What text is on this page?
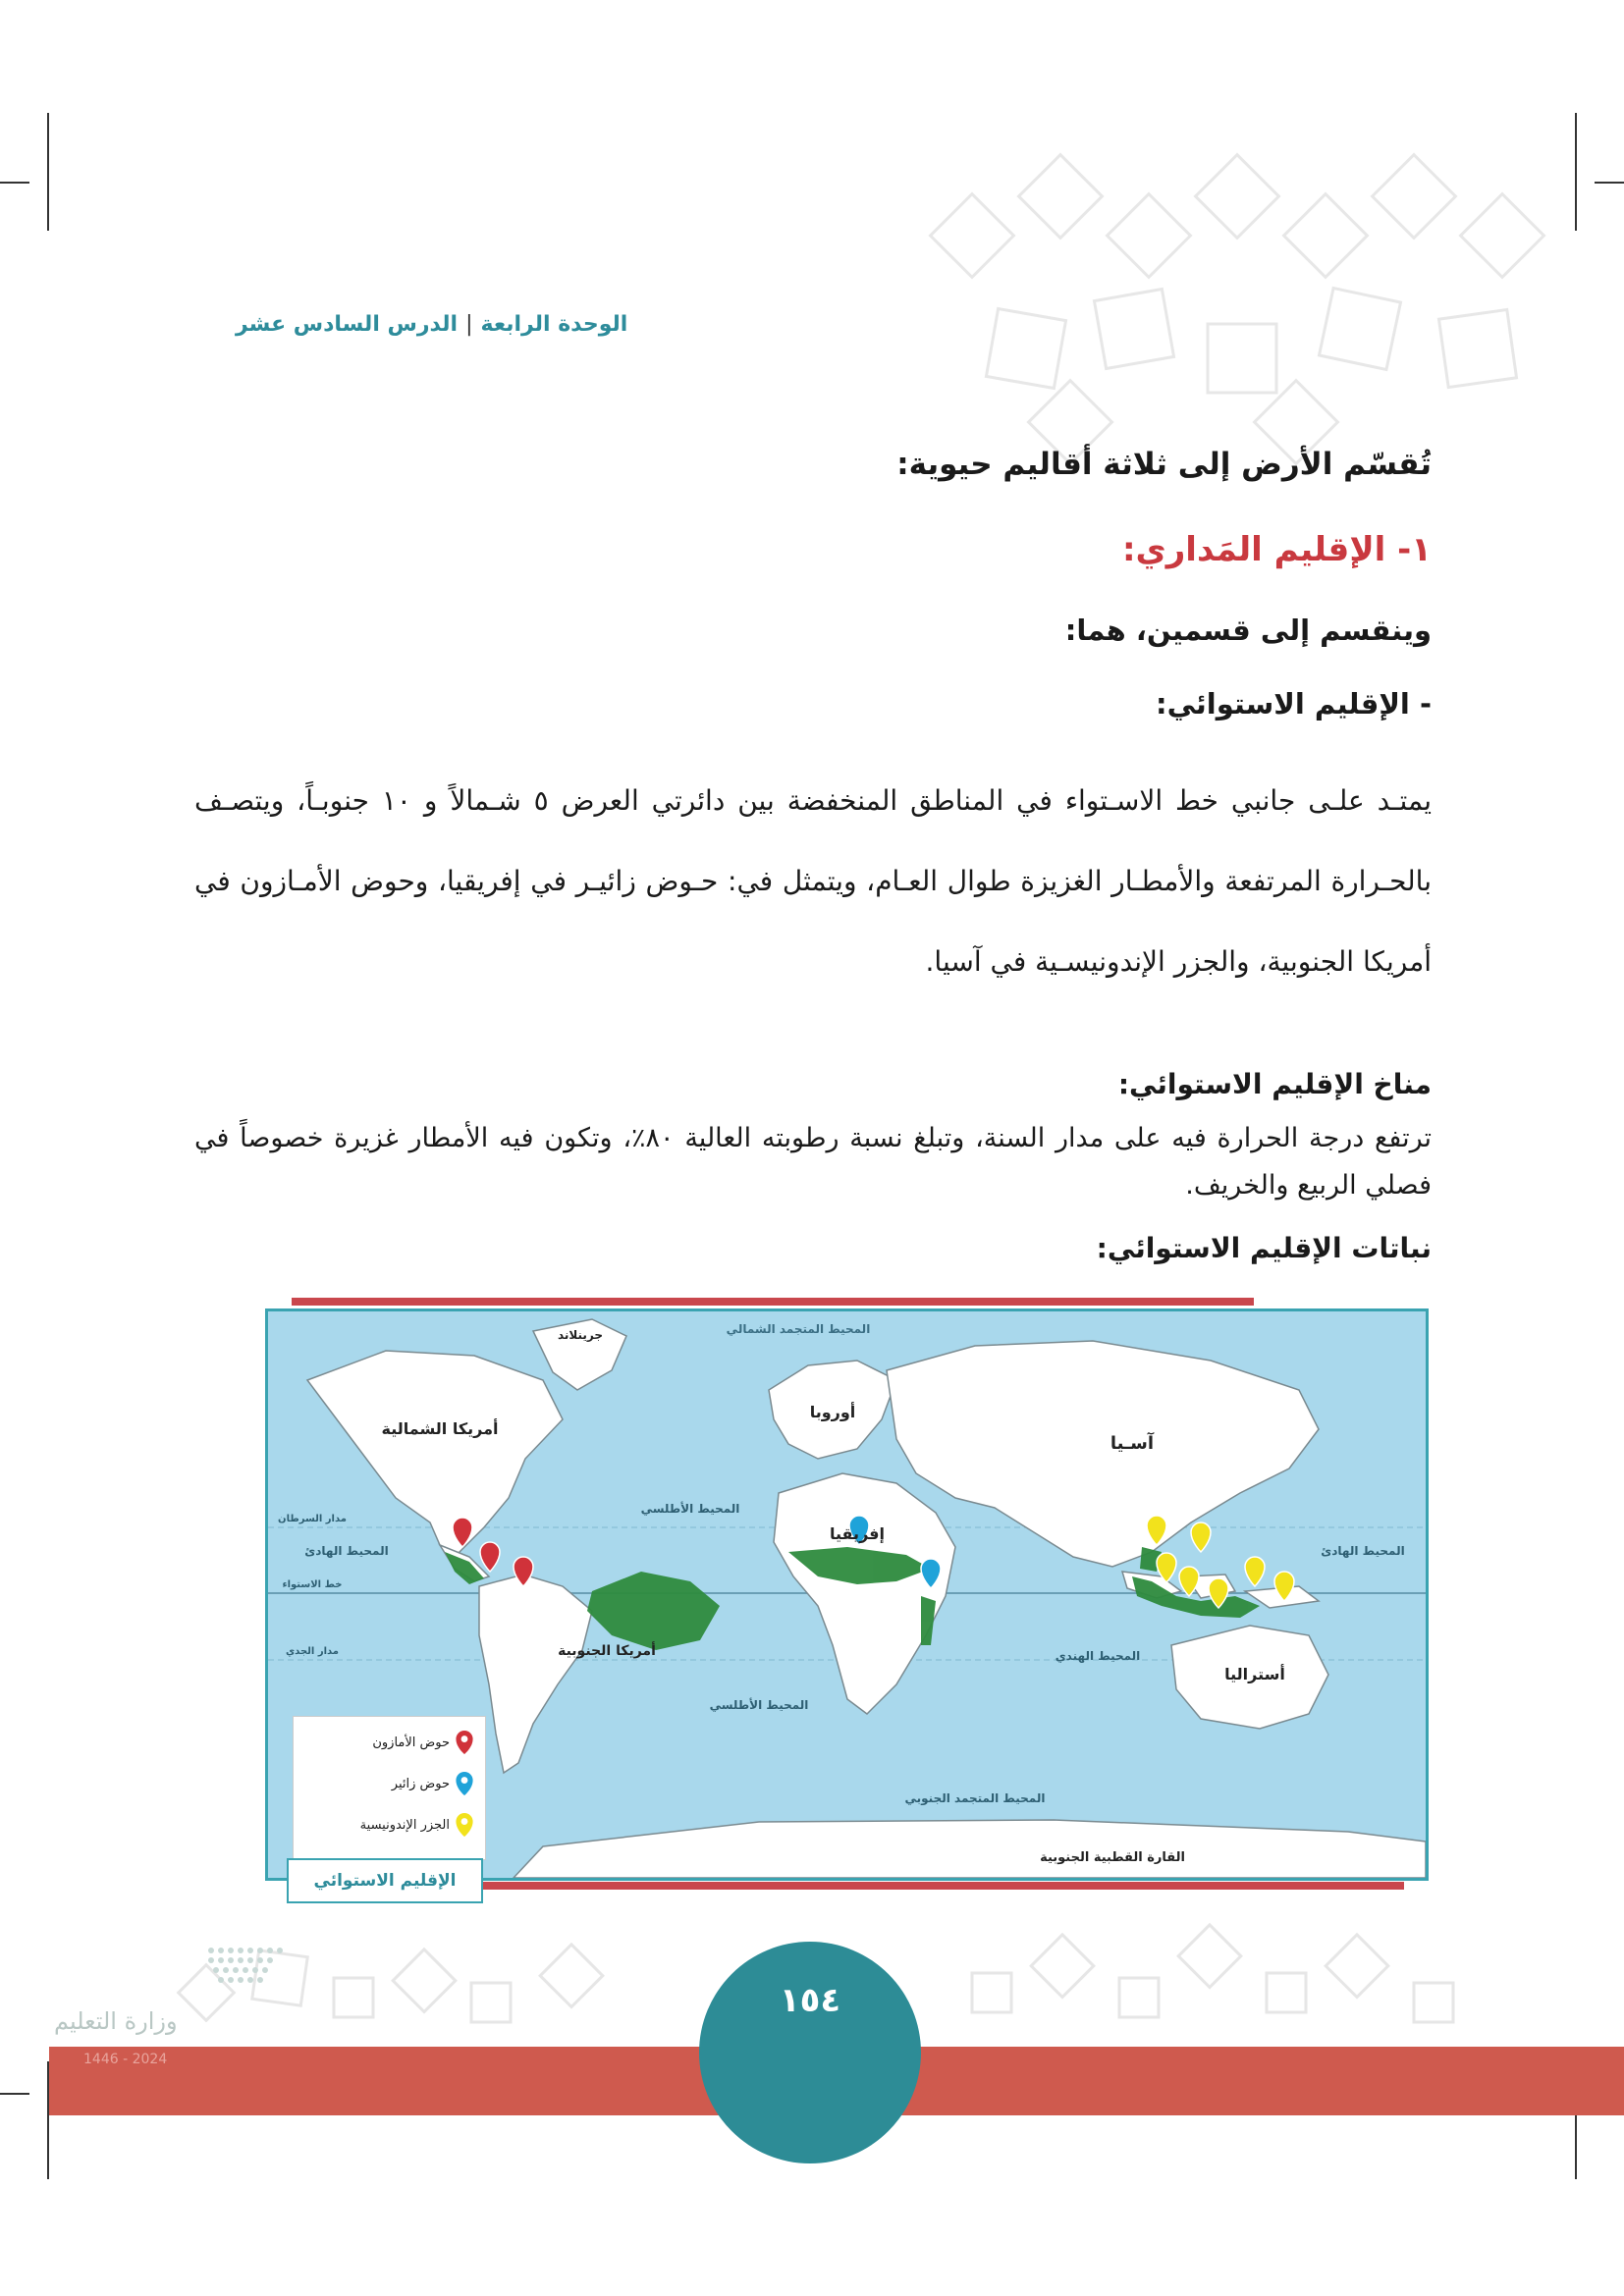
الوحدة الرابعة|الدرس السادس عشر
تُقسّم الأرض إلى ثلاثة أقاليم حيوية:
١- الإقليم المَداري:
وينقسم إلى قسمين، هما:
- الإقليم الاستوائي:
يمتـد علـى جانبي خط الاسـتواء في المناطق المنخفضة بين دائرتي العرض ٥ شـمالاً و ١٠ جنوبـاً، ويتصـف بالحـرارة المرتفعة والأمطـار الغزيزة طوال العـام، ويتمثل في: حـوض زائيـر في إفريقيا، وحوض الأمـازون في أمريكا الجنوبية، والجزر الإندونيسـية في آسيا.
مناخ الإقليم الاستوائي:
ترتفع درجة الحرارة فيه على مدار السنة، وتبلغ نسبة رطوبته العالية ٨٠٪، وتكون فيه الأمطار غزيرة خصوصاً في فصلي الربيع والخريف.
نباتات الإقليم الاستوائي:
جرينلاند	المحيط المتجمد الشمالي
أوروبا
أمريكا الشمالية
آسـيا
إفريقيا
أمريكا الجنوبية
أستراليا
مدار السرطان
خط الاستواء
مدار الجدي
المحيط الهادئ	المحيط الهادئ
المحيط الأطلسي
المحيط الأطلسي
المحيط الهندي
المحيط المتجمد الجنوبي
القارة القطبية الجنوبية
حوض الأمازون
حوض زائير
الجزر الإندونيسية
الإقليم الاستوائي
وزارة التعليم
2024 - 1446
١٥٤
